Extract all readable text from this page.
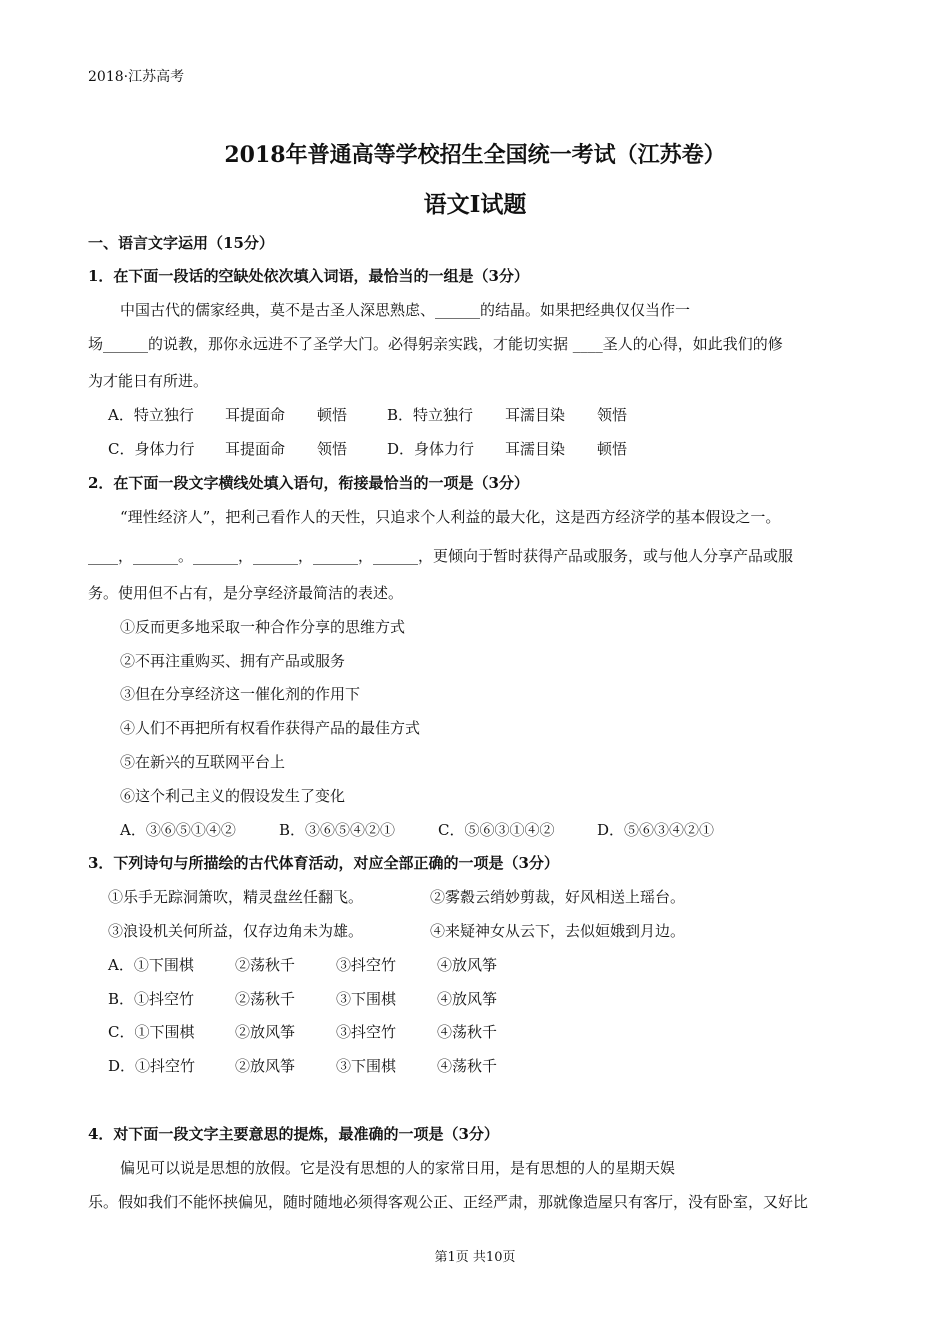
2018·江苏高考
2018年普通高等学校招生全国统一考试（江苏卷）
语文Ⅰ试题
一、语言文字运用（15分）
1．在下面一段话的空缺处依次填入词语，最恰当的一组是（3分）
中国古代的儒家经典，莫不是古圣人深思熟虑、______的结晶。如果把经典仅仅当作一
场______的说教，那你永远进不了圣学大门。必得躬亲实践，才能切实据 ____圣人的心得，如此我们的修
为才能日有所进。
A．特立独行 耳提面命 顿悟	B．特立独行 耳濡目染 领悟
C．身体力行 耳提面命 领悟	D．身体力行 耳濡目染 顿悟
2．在下面一段文字横线处填入语句，衔接最恰当的一项是（3分）
“理性经济人”，把利己看作人的天性，只追求个人利益的最大化，这是西方经济学的基本假设之一。
____，______。______，______，______，______，更倾向于暂时获得产品或服务，或与他人分享产品或服
务。使用但不占有，是分享经济最简洁的表述。
①反而更多地采取一种合作分享的思维方式
②不再注重购买、拥有产品或服务
③但在分享经济这一催化剂的作用下
④人们不再把所有权看作获得产品的最佳方式
⑤在新兴的互联网平台上
⑥这个利己主义的假设发生了变化
A．③⑥⑤①④②	B．③⑥⑤④②①	C．⑤⑥③①④②	D．⑤⑥③④②①
3．下列诗句与所描绘的古代体育活动，对应全部正确的一项是（3分）
①乐手无踪洞箫吹，精灵盘丝任翻飞。	②雾縠云绡妙剪裁，好风相送上瑶台。
③浪设机关何所益，仅存边角未为雄。	④来疑神女从云下，去似姮娥到月边。
A．①下围棋	②荡秋千	③抖空竹	④放风筝
B．①抖空竹	②荡秋千	③下围棋	④放风筝
C．①下围棋	②放风筝	③抖空竹	④荡秋千
D．①抖空竹	②放风筝	③下围棋	④荡秋千
4．对下面一段文字主要意思的提炼，最准确的一项是（3分）
偏见可以说是思想的放假。它是没有思想的人的家常日用，是有思想的人的星期天娱
乐。假如我们不能怀挟偏见，随时随地必须得客观公正、正经严肃，那就像造屋只有客厅，没有卧室，又好比
第1页 共10页
